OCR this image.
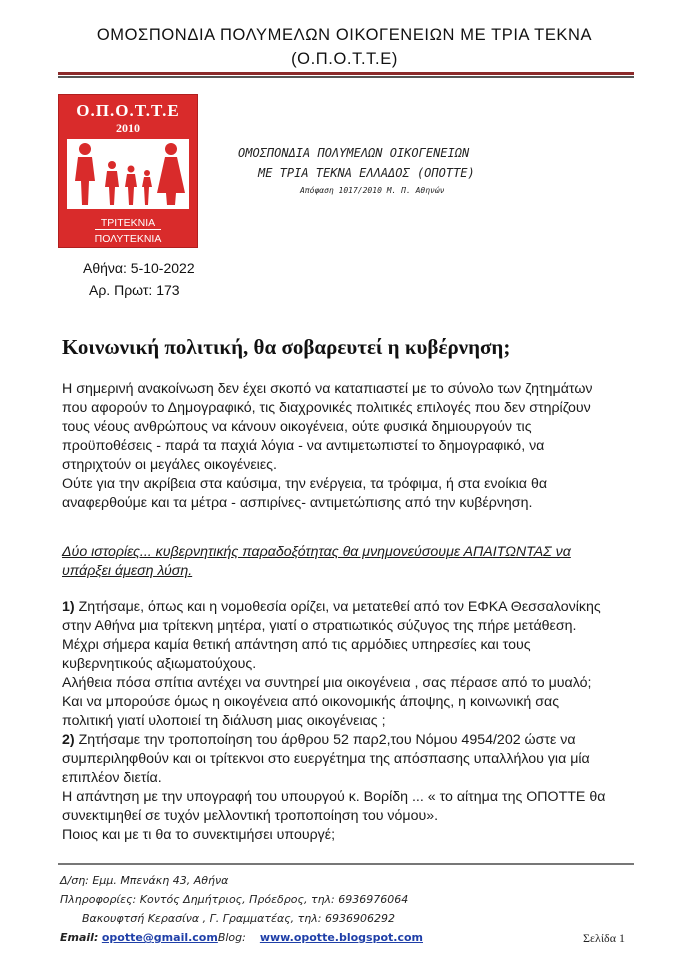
ΟΜΟΣΠΟΝΔΙΑ ΠΟΛΥΜΕΛΩΝ ΟΙΚΟΓΕΝΕΙΩΝ ΜΕ ΤΡΙΑ ΤΕΚΝΑ
(Ο.Π.Ο.Τ.Τ.Ε)
Ο.Π.Ο.Τ.Τ.Ε
2010
ΤΡΙΤΕΚΝΙΑ
ΠΟΛΥΤΕΚΝΙΑ
ΟΜΟΣΠΟΝΔΙΑ ΠΟΛΥΜΕΛΩΝ ΟΙΚΟΓΕΝΕΙΩΝ
ΜΕ ΤΡΙΑ ΤΕΚΝΑ ΕΛΛΑΔΟΣ (ΟΠΟΤΤΕ)
Απόφαση 1017/2010 Μ. Π. Αθηνών
Αθήνα: 5-10-2022
Αρ. Πρωτ: 173
Κοινωνική πολιτική, θα σοβαρευτεί η κυβέρνηση;

Η σημερινή ανακοίνωση δεν έχει σκοπό να καταπιαστεί με το σύνολο των ζητημάτων

που αφορούν το Δημογραφικό, τις διαχρονικές πολιτικές επιλογές που δεν στηρίζουν

τους νέους ανθρώπους να κάνουν οικογένεια, ούτε φυσικά δημιουργούν τις

προϋποθέσεις - παρά τα παχιά λόγια - να αντιμετωπιστεί το δημογραφικό, να

στηριχτούν οι μεγάλες οικογένειες.

Ούτε για την ακρίβεια στα καύσιμα, την ενέργεια, τα τρόφιμα, ή στα ενοίκια θα

αναφερθούμε και τα μέτρα - ασπιρίνες- αντιμετώπισης από την κυβέρνηση.

Δύο ιστορίες... κυβερνητικής παραδοξότητας θα μνημονεύσουμε ΑΠΑΙΤΩΝΤΑΣ να

υπάρξει άμεση λύση.

1) Ζητήσαμε, όπως και η νομοθεσία ορίζει, να μετατεθεί από τον ΕΦΚΑ Θεσσαλονίκης

στην Αθήνα μια τρίτεκνη μητέρα, γιατί ο στρατιωτικός σύζυγος της πήρε μετάθεση.

Μέχρι σήμερα καμία θετική απάντηση από τις αρμόδιες υπηρεσίες και τους

κυβερνητικούς αξιωματούχους.

Αλήθεια πόσα σπίτια αντέχει να συντηρεί μια οικογένεια , σας πέρασε από το μυαλό;

Και να μπορούσε όμως η οικογένεια από οικονομικής άποψης, η κοινωνική σας

πολιτική γιατί υλοποιεί τη διάλυση μιας οικογένειας ;

2) Ζητήσαμε την τροποποίηση του άρθρου 52 παρ2,του Νόμου 4954/202 ώστε να

συμπεριληφθούν και οι τρίτεκνοι στο ευεργέτημα της απόσπασης υπαλλήλου για μία

επιπλέον διετία.

Η απάντηση με την υπογραφή του υπουργού κ. Βορίδη ... « το αίτημα της ΟΠΟΤΤΕ θα

συνεκτιμηθεί σε τυχόν μελλοντική τροποποίηση του νόμου».

Ποιος και με τι θα το συνεκτιμήσει υπουργέ;

Δ/ση: Εμμ. Μπενάκη 43, Αθήνα
Πληροφορίες: Κοντός Δημήτριος, Πρόεδρος, τηλ: 6936976064
Βακουφτσή Κερασίνα , Γ. Γραμματέας, τηλ: 6936906292
Email: opotte@gmail.comBlog: www.opotte.blogspot.com	Σελίδα 1
